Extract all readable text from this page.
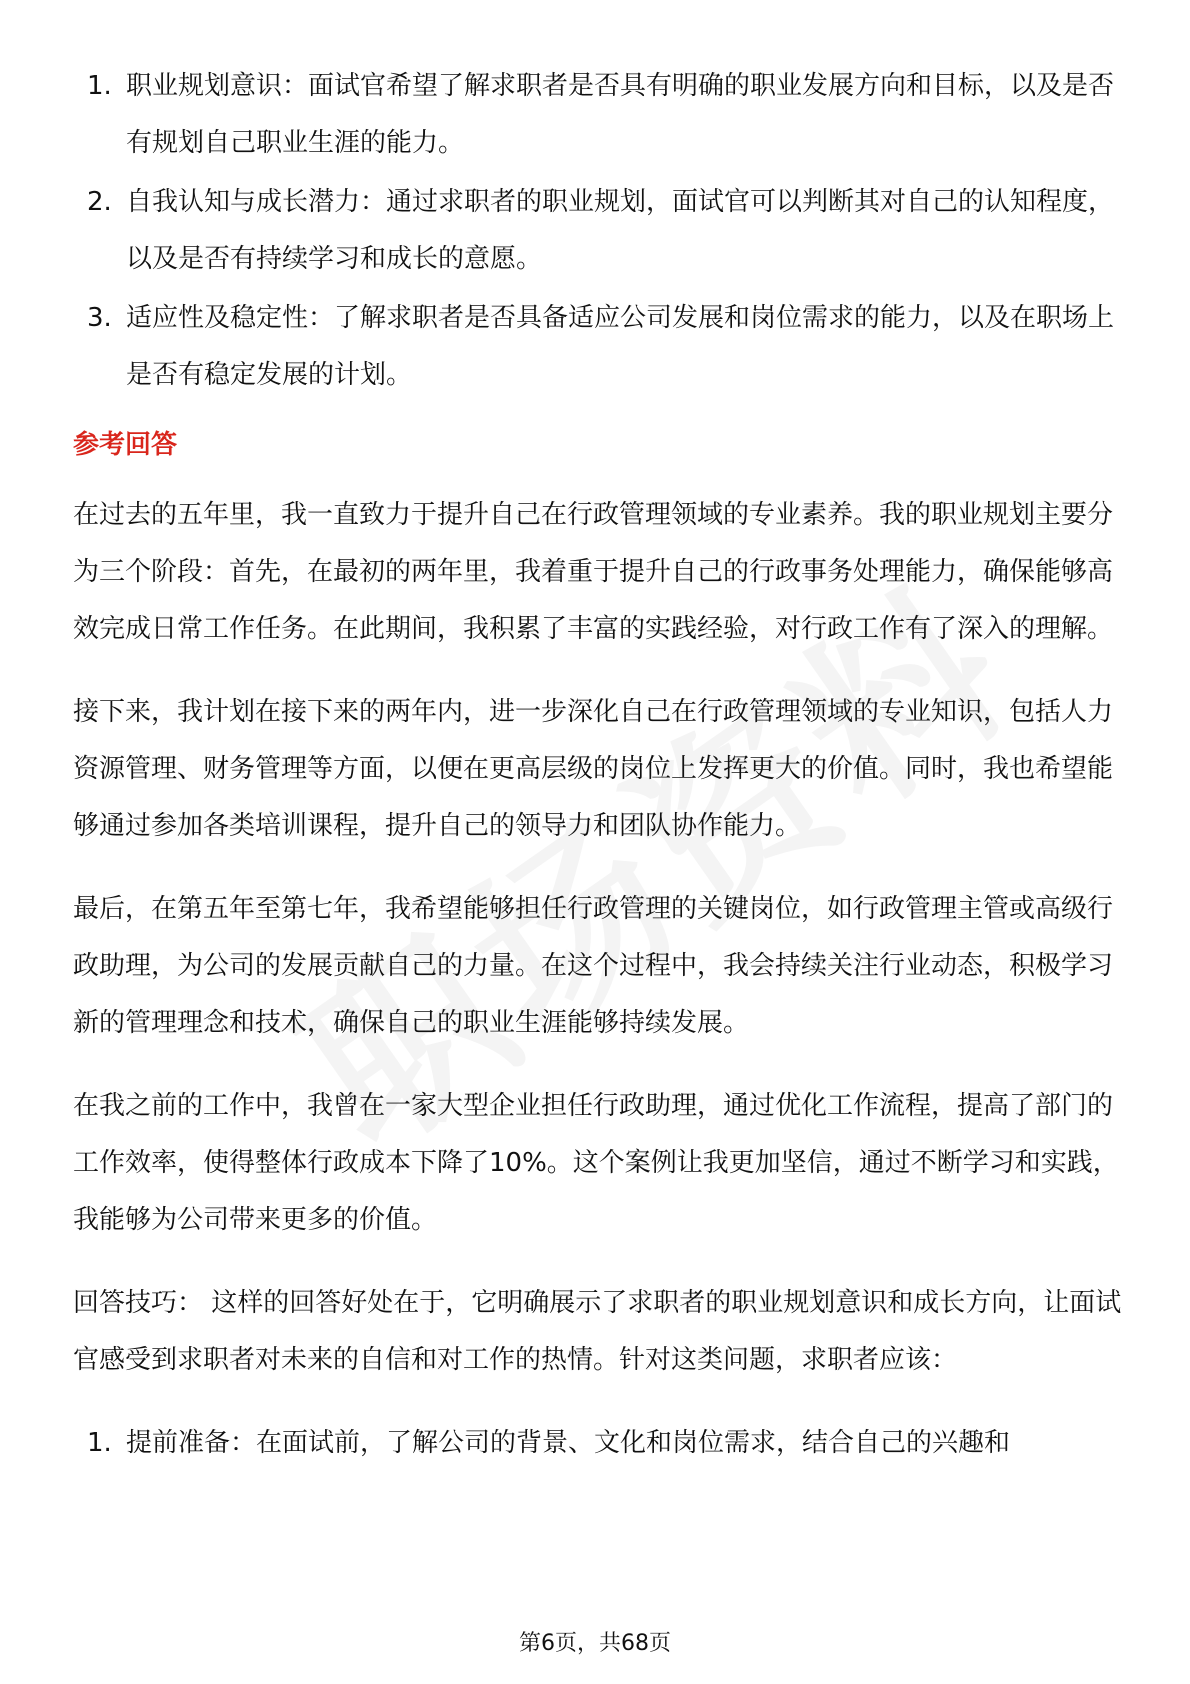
1. 职业规划意识：面试官希望了解求职者是否具有明确的职业发展方向和目标，以及是否有规划自己职业生涯的能力。
2. 自我认知与成长潜力：通过求职者的职业规划，面试官可以判断其对自己的认知程度，以及是否有持续学习和成长的意愿。
3. 适应性及稳定性：了解求职者是否具备适应公司发展和岗位需求的能力，以及在职场上是否有稳定发展的计划。
参考回答

在过去的五年里，我一直致力于提升自己在行政管理领域的专业素养。我的职业规划主要分为三个阶段：首先，在最初的两年里，我着重于提升自己的行政事务处理能力，确保能够高效完成日常工作任务。在此期间，我积累了丰富的实践经验，对行政工作有了深入的理解。

接下来，我计划在接下来的两年内，进一步深化自己在行政管理领域的专业知识，包括人力资源管理、财务管理等方面，以便在更高层级的岗位上发挥更大的价值。同时，我也希望能够通过参加各类培训课程，提升自己的领导力和团队协作能力。

最后，在第五年至第七年，我希望能够担任行政管理的关键岗位，如行政管理主管或高级行政助理，为公司的发展贡献自己的力量。在这个过程中，我会持续关注行业动态，积极学习新的管理理念和技术，确保自己的职业生涯能够持续发展。

在我之前的工作中，我曾在一家大型企业担任行政助理，通过优化工作流程，提高了部门的工作效率，使得整体行政成本下降了10%。这个案例让我更加坚信，通过不断学习和实践，我能够为公司带来更多的价值。

回答技巧： 这样的回答好处在于，它明确展示了求职者的职业规划意识和成长方向，让面试官感受到求职者对未来的自信和对工作的热情。针对这类问题，求职者应该：

1. 提前准备：在面试前，了解公司的背景、文化和岗位需求，结合自己的兴趣和
第6页，共68页
